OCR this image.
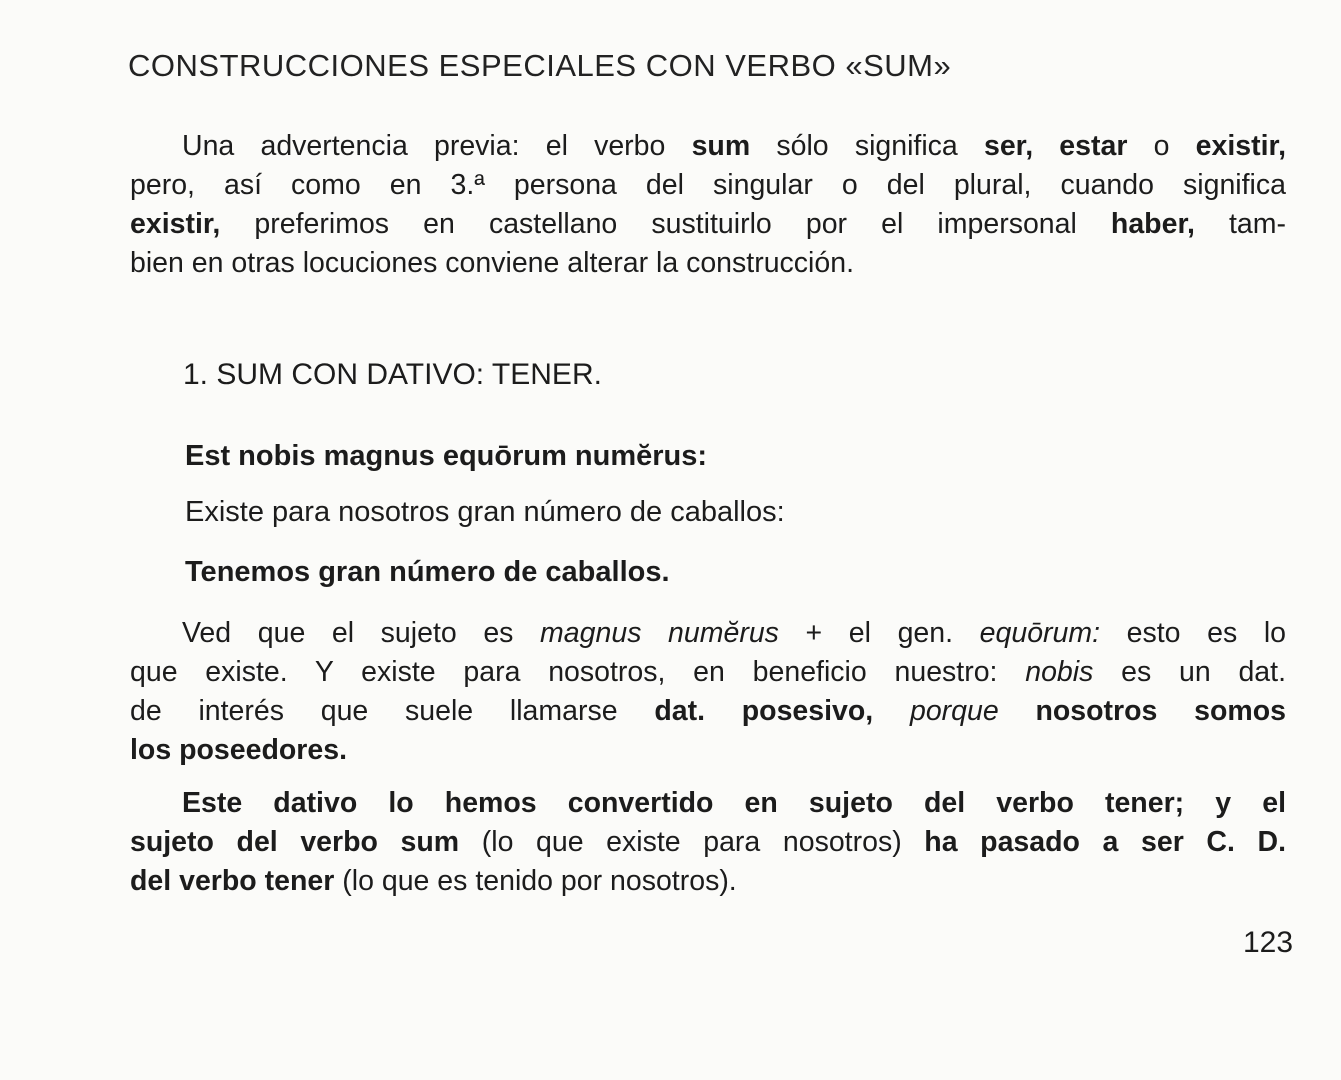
CONSTRUCCIONES ESPECIALES CON VERBO «SUM»
Una advertencia previa: el verbo sum sólo significa ser, estar o existir,
pero, así como en 3.ª persona del singular o del plural, cuando significa
existir, preferimos en castellano sustituirlo por el impersonal haber, tam-
bien en otras locuciones conviene alterar la construcción.
1. SUM CON DATIVO: TENER.
Est nobis magnus equōrum numĕrus:
Existe para nosotros gran número de caballos:
Tenemos gran número de caballos.
Ved que el sujeto es magnus numĕrus + el gen. equōrum: esto es lo
que existe. Y existe para nosotros, en beneficio nuestro: nobis es un dat.
de interés que suele llamarse dat. posesivo, porque nosotros somos
los poseedores.
Este dativo lo hemos convertido en sujeto del verbo tener; y el
sujeto del verbo sum (lo que existe para nosotros) ha pasado a ser C. D.
del verbo tener (lo que es tenido por nosotros).
123
